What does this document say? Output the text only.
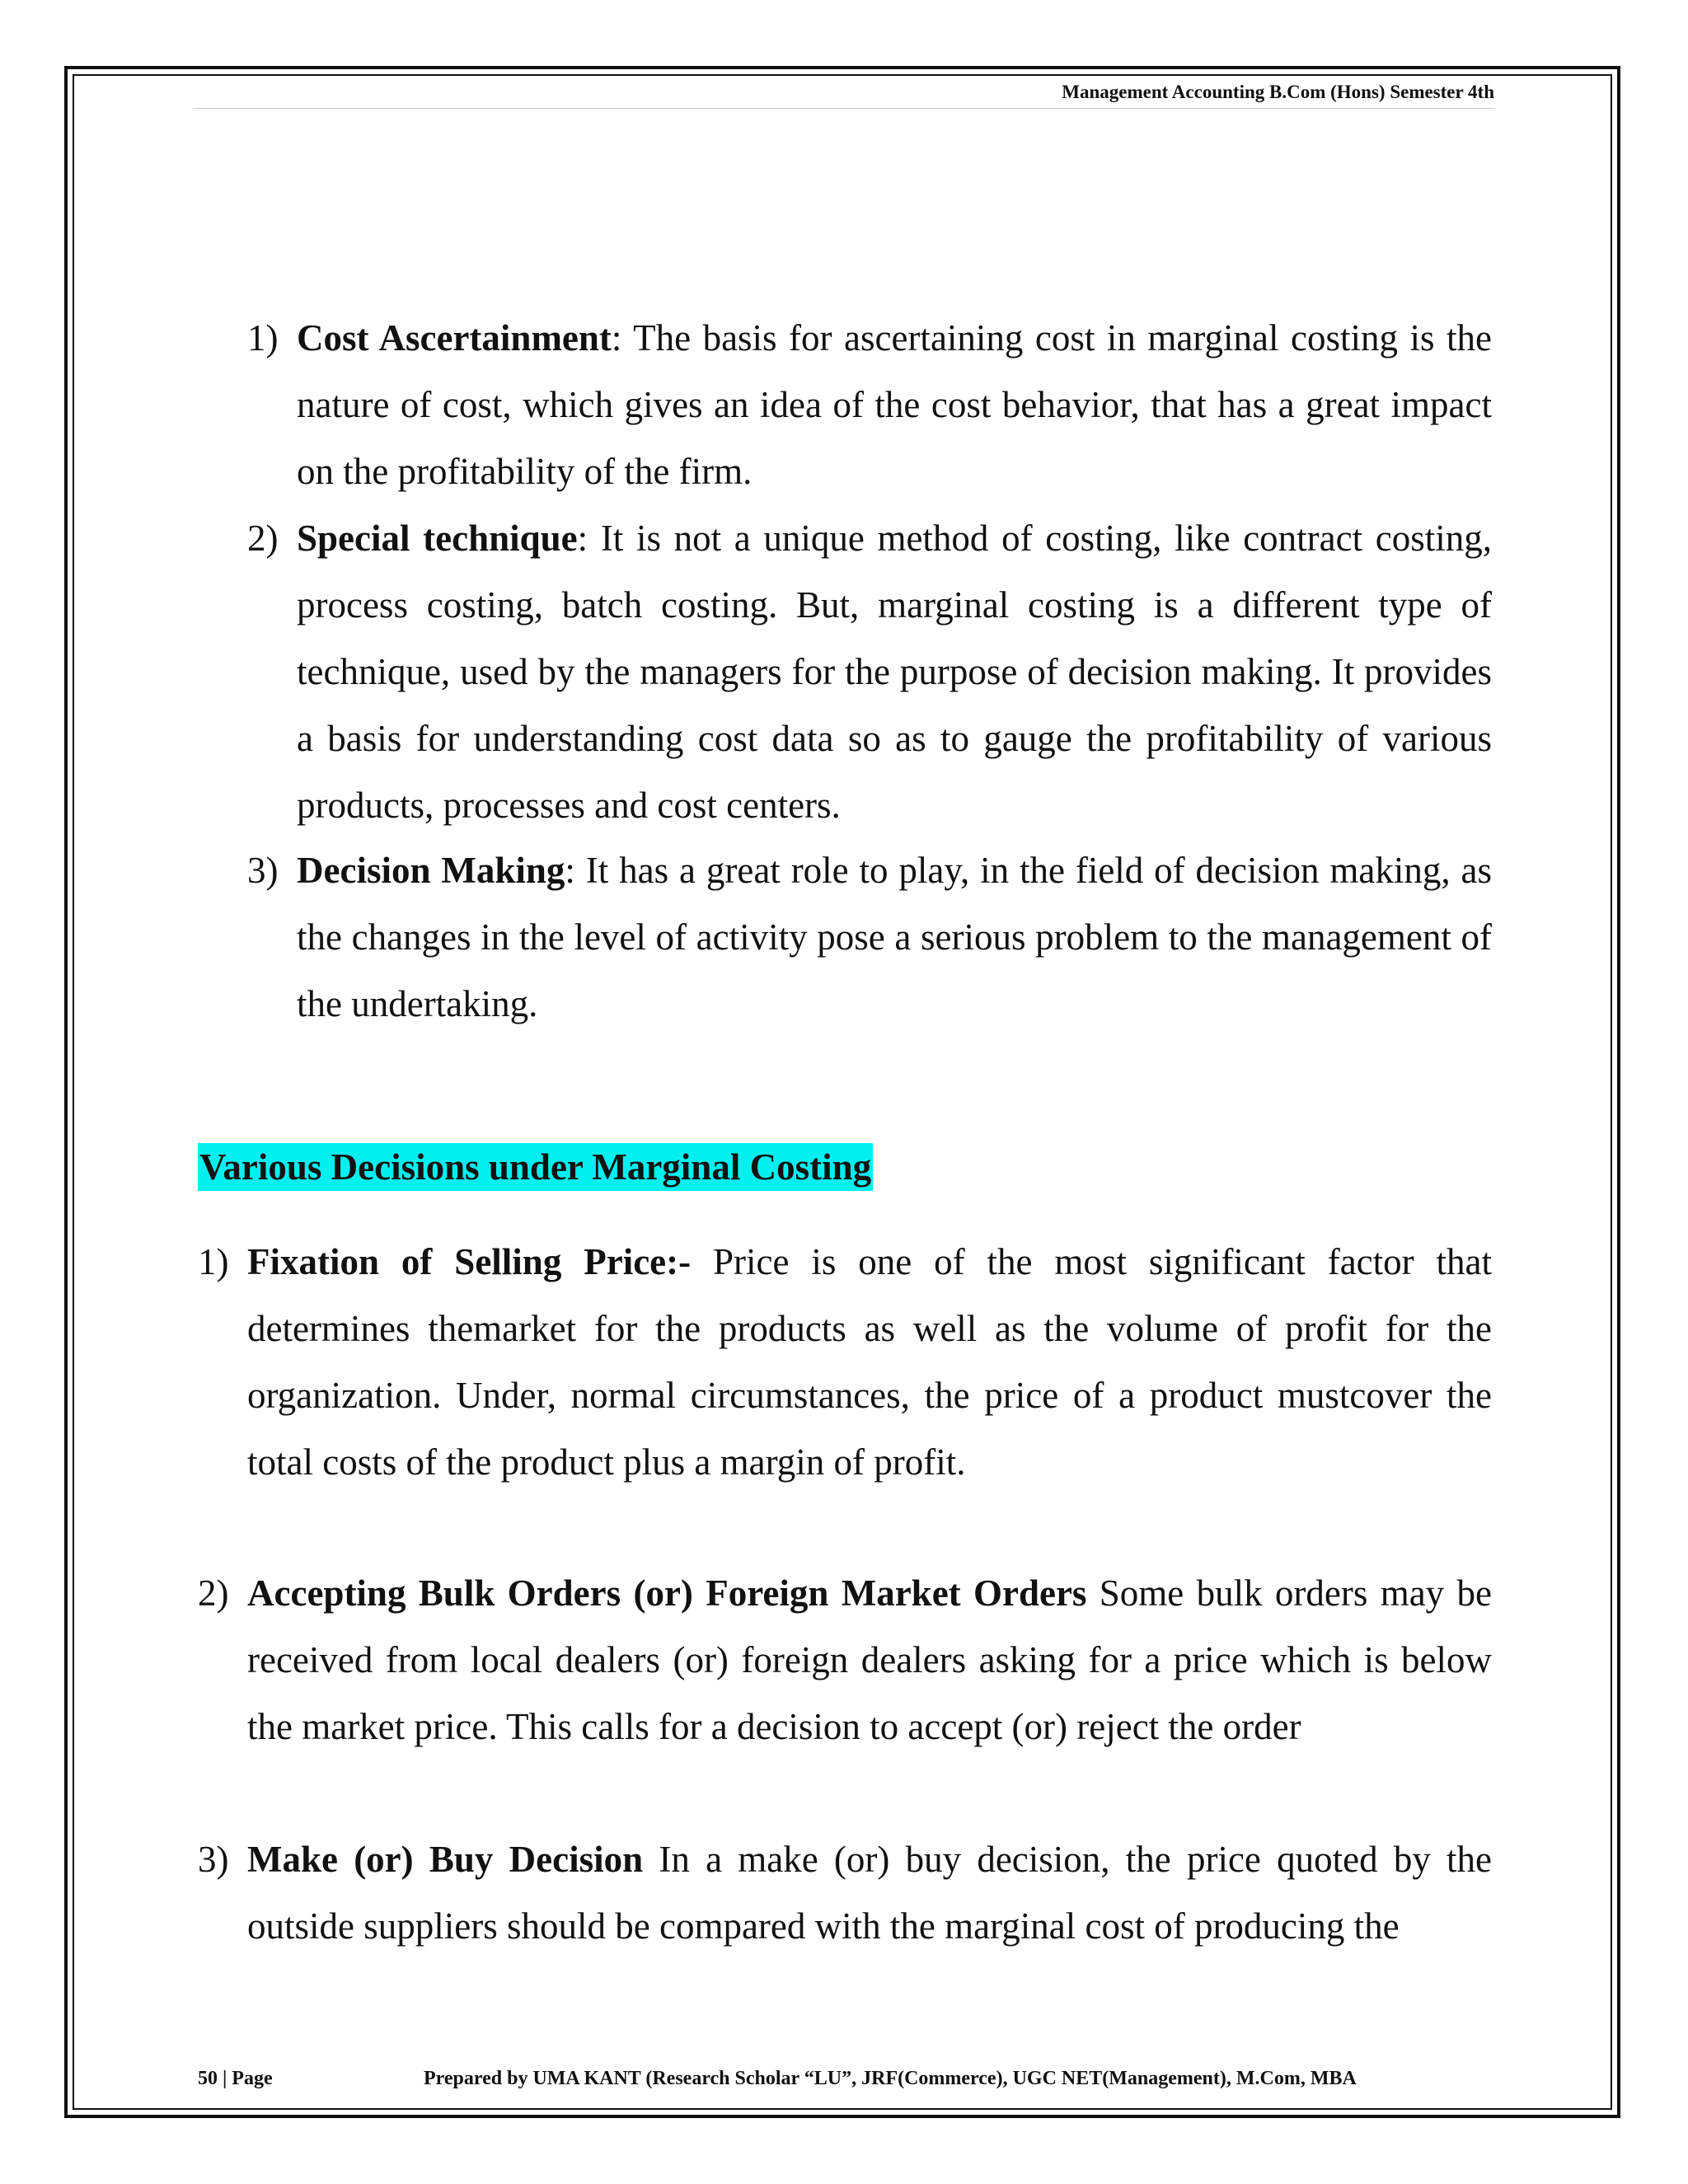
Management Accounting B.Com (Hons) Semester 4th
1) Cost Ascertainment: The basis for ascertaining cost in marginal costing is the nature of cost, which gives an idea of the cost behavior, that has a great impact on the profitability of the firm.

2) Special technique: It is not a unique method of costing, like contract costing, process costing, batch costing. But, marginal costing is a different type of technique, used by the managers for the purpose of decision making. It provides a basis for understanding cost data so as to gauge the profitability of various products, processes and cost centers.

3) Decision Making: It has a great role to play, in the field of decision making, as the changes in the level of activity pose a serious problem to the management of the undertaking.

Various Decisions under Marginal Costing
1) Fixation of Selling Price:- Price is one of the most significant factor that determines themarket for the products as well as the volume of profit for the organization. Under, normal circumstances, the price of a product mustcover the total costs of the product plus a margin of profit.

2) Accepting Bulk Orders (or) Foreign Market Orders Some bulk orders may be received from local dealers (or) foreign dealers asking for a price which is below the market price. This calls for a decision to accept (or) reject the order

3) Make (or) Buy Decision In a make (or) buy decision, the price quoted by the outside suppliers should be compared with the marginal cost of producing the

50 | Page	Prepared by UMA KANT (Research Scholar “LU”, JRF(Commerce), UGC NET(Management), M.Com, MBA
